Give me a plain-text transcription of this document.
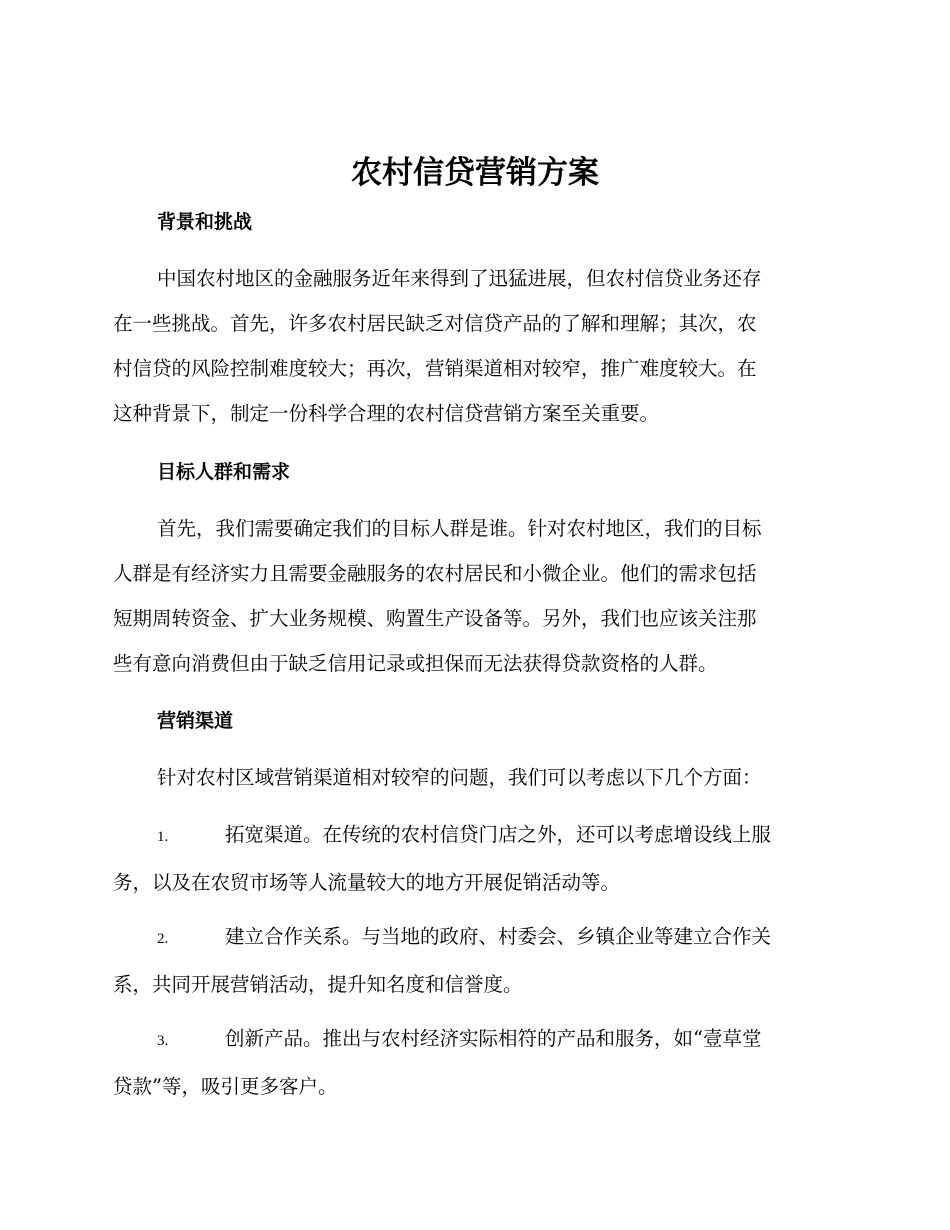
农村信贷营销方案
背景和挑战

中国农村地区的金融服务近年来得到了迅猛进展，但农村信贷业务还存
在一些挑战。首先，许多农村居民缺乏对信贷产品的了解和理解；其次，农
村信贷的风险控制难度较大；再次，营销渠道相对较窄，推广难度较大。在
这种背景下，制定一份科学合理的农村信贷营销方案至关重要。

目标人群和需求

首先，我们需要确定我们的目标人群是谁。针对农村地区，我们的目标
人群是有经济实力且需要金融服务的农村居民和小微企业。他们的需求包括
短期周转资金、扩大业务规模、购置生产设备等。另外，我们也应该关注那
些有意向消费但由于缺乏信用记录或担保而无法获得贷款资格的人群。

营销渠道

针对农村区域营销渠道相对较窄的问题，我们可以考虑以下几个方面：

1.	拓宽渠道。在传统的农村信贷门店之外，还可以考虑增设线上服
务，以及在农贸市场等人流量较大的地方开展促销活动等。

2.	建立合作关系。与当地的政府、村委会、乡镇企业等建立合作关
系，共同开展营销活动，提升知名度和信誉度。

3.	创新产品。推出与农村经济实际相符的产品和服务，如“壹草堂
贷款”等，吸引更多客户。
